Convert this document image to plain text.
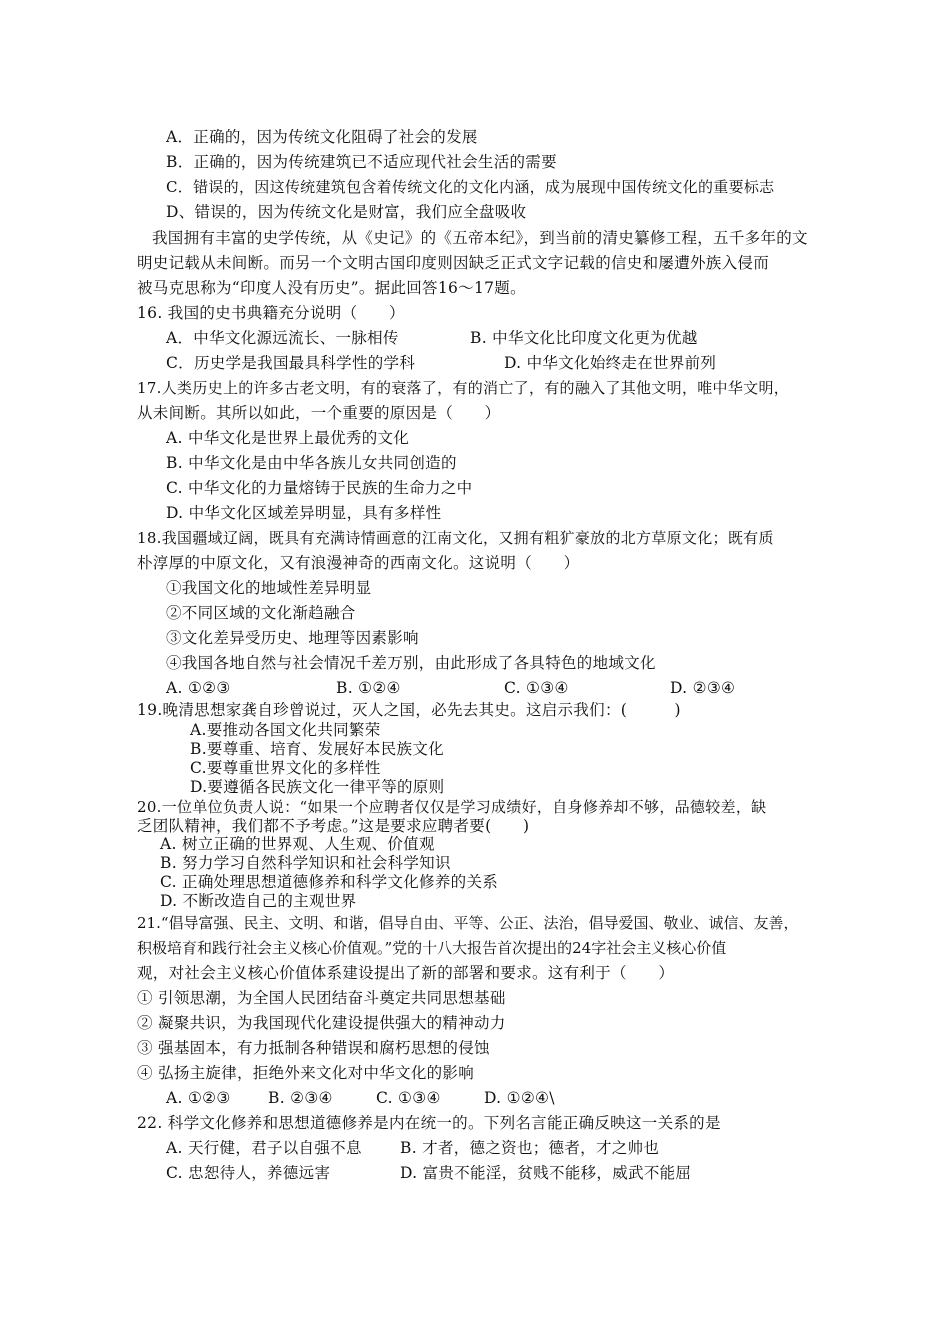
A．正确的，因为传统文化阻碍了社会的发展
B．正确的，因为传统建筑已不适应现代社会生活的需要
C．错误的，因这传统建筑包含着传统文化的文化内涵，成为展现中国传统文化的重要标志
D、错误的，因为传统文化是财富，我们应全盘吸收
我国拥有丰富的史学传统，从《史记》的《五帝本纪》，到当前的清史纂修工程，五千多年的文
明史记载从未间断。而另一个文明古国印度则因缺乏正式文字记载的信史和屡遭外族入侵而
被马克思称为“印度人没有历史”。据此回答16～17题。
16. 我国的史书典籍充分说明（　　）
A．中华文化源远流长、一脉相传	B. 中华文化比印度文化更为优越
C．历史学是我国最具科学性的学科	D. 中华文化始终走在世界前列
17.人类历史上的许多古老文明，有的衰落了，有的消亡了，有的融入了其他文明，唯中华文明，
从未间断。其所以如此，一个重要的原因是（　　）
A. 中华文化是世界上最优秀的文化
B. 中华文化是由中华各族儿女共同创造的
C. 中华文化的力量熔铸于民族的生命力之中
D. 中华文化区域差异明显，具有多样性
18.我国疆域辽阔，既具有充满诗情画意的江南文化，又拥有粗犷豪放的北方草原文化；既有质
朴淳厚的中原文化，又有浪漫神奇的西南文化。这说明（　　）
①我国文化的地域性差异明显
②不同区域的文化渐趋融合
③文化差异受历史、地理等因素影响
④我国各地自然与社会情况千差万别，由此形成了各具特色的地域文化
A. ①②③	B. ①②④	C. ①③④	D. ②③④
19.晚清思想家龚自珍曾说过，灭人之国，必先去其史。这启示我们：(　　　)
A.要推动各国文化共同繁荣
B.要尊重、培育、发展好本民族文化
C.要尊重世界文化的多样性
D.要遵循各民族文化一律平等的原则
20.一位单位负责人说：“如果一个应聘者仅仅是学习成绩好，自身修养却不够，品德较差，缺
乏团队精神，我们都不予考虑。”这是要求应聘者要(　　)
A. 树立正确的世界观、人生观、价值观
B. 努力学习自然科学知识和社会科学知识
C. 正确处理思想道德修养和科学文化修养的关系
D. 不断改造自己的主观世界
21.“倡导富强、民主、文明、和谐，倡导自由、平等、公正、法治，倡导爱国、敬业、诚信、友善，
积极培育和践行社会主义核心价值观。”党的十八大报告首次提出的24字社会主义核心价值
观，对社会主义核心价值体系建设提出了新的部署和要求。这有利于（　　）
① 引领思潮，为全国人民团结奋斗奠定共同思想基础
② 凝聚共识，为我国现代化建设提供强大的精神动力
③ 强基固本，有力抵制各种错误和腐朽思想的侵蚀
④ 弘扬主旋律，拒绝外来文化对中华文化的影响
A. ①②③ B. ②③④	C. ①③④	D. ①②④\
22. 科学文化修养和思想道德修养是内在统一的。下列名言能正确反映这一关系的是
A. 天行健，君子以自强不息 B. 才者，德之资也；德者，才之帅也
C. 忠恕待人，养德远害	D. 富贵不能淫，贫贱不能移，威武不能屈
